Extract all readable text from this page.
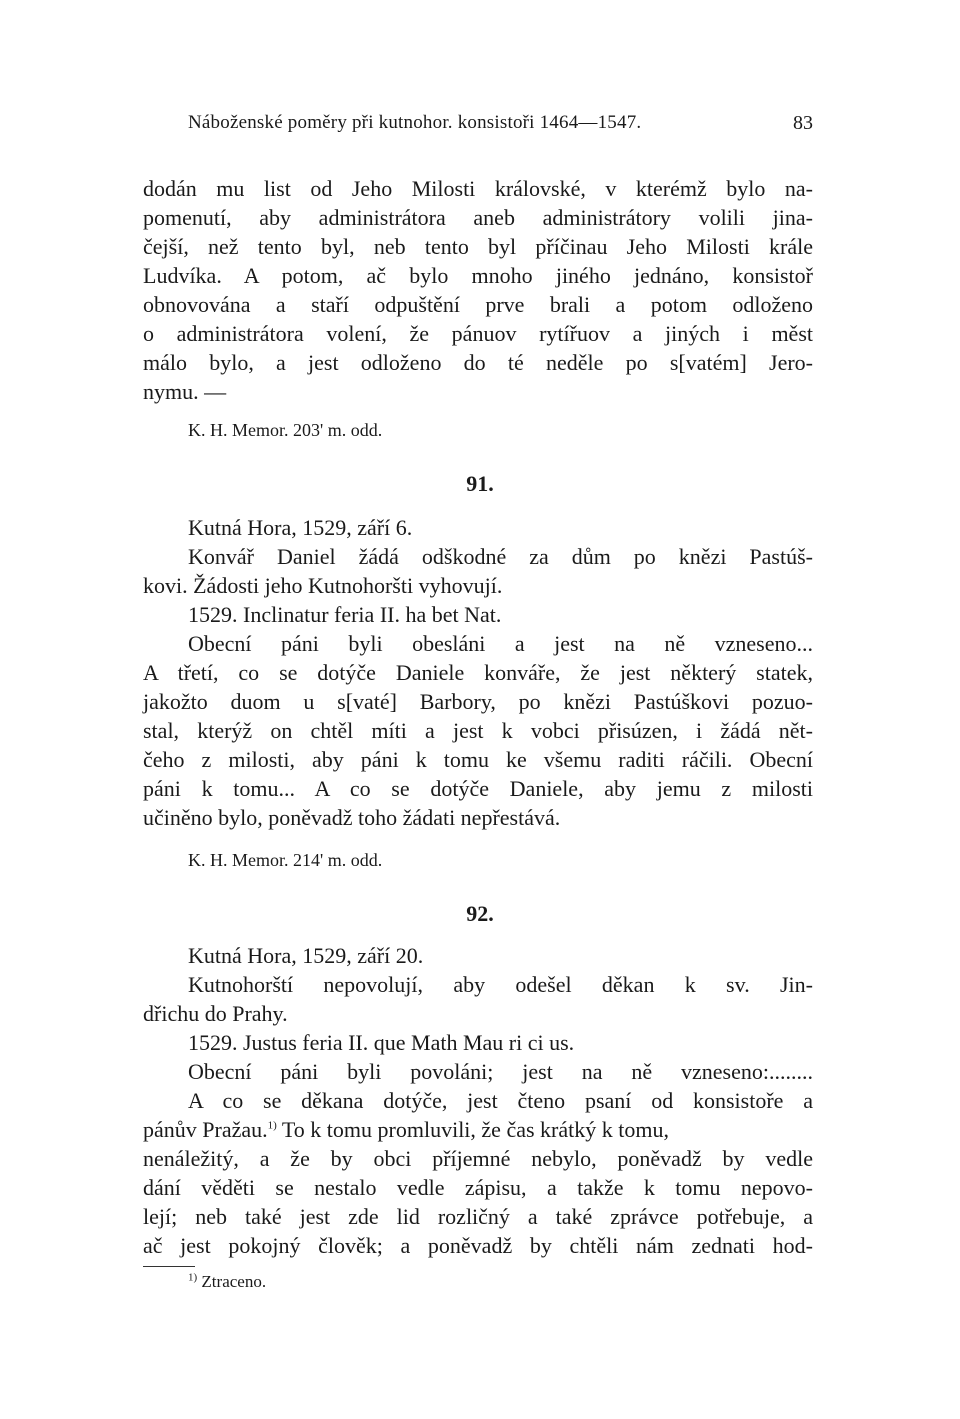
Náboženské poměry při kutnohor. konsistoři 1464—1547.	83
dodán mu list od Jeho Milosti královské, v kterémž bylo na-
pomenutí, aby administrátora aneb administrátory volili jina-
čejší, než tento byl, neb tento byl příčinau Jeho Milosti krále
Ludvíka. A potom, ač bylo mnoho jiného jednáno, konsistoř
obnovována a staří odpuštění prve brali a potom odloženo
o administrátora volení, že pánuov rytířuov a jiných i měst
málo bylo, a jest odloženo do té neděle po s[vatém] Jero-
nymu. —
K. H. Memor. 203' m. odd.
91.
Kutná Hora, 1529, září 6.
Konvář Daniel žádá odškodné za dům po knězi Pastúš-
kovi. Žádosti jeho Kutnohoršti vyhovují.
1529. Inclinatur feria II. ha bet Nat.
Obecní páni byli obesláni a jest na ně vzneseno...
A třetí, co se dotýče Daniele konváře, že jest některý statek,
jakožto duom u s[vaté] Barbory, po knězi Pastúškovi pozuo-
stal, kterýž on chtěl míti a jest k vobci přisúzen, i žádá nět-
čeho z milosti, aby páni k tomu ke všemu raditi ráčili. Obecní
páni k tomu... A co se dotýče Daniele, aby jemu z milosti
učiněno bylo, poněvadž toho žádati nepřestává.
K. H. Memor. 214' m. odd.
92.
Kutná Hora, 1529, září 20.
Kutnohorští nepovolují, aby odešel děkan k sv. Jin-
dřichu do Prahy.
1529. Justus feria II. que Math Mau ri ci us.
Obecní páni byli povoláni; jest na ně vzneseno:........
A co se děkana dotýče, jest čteno psaní od konsistoře a
pánův Pražau.$^{1)}$ To k tomu promluvili, že čas krátký k tomu,
nenáležitý, a že by obci příjemné nebylo, poněvadž by vedle
dání věděti se nestalo vedle zápisu, a takže k tomu nepovo-
lejí; neb také jest zde lid rozličný a také zprávce potřebuje, a
ač jest pokojný člověk; a poněvadž by chtěli nám zednati hod-
$^{1)}$ Ztraceno.
